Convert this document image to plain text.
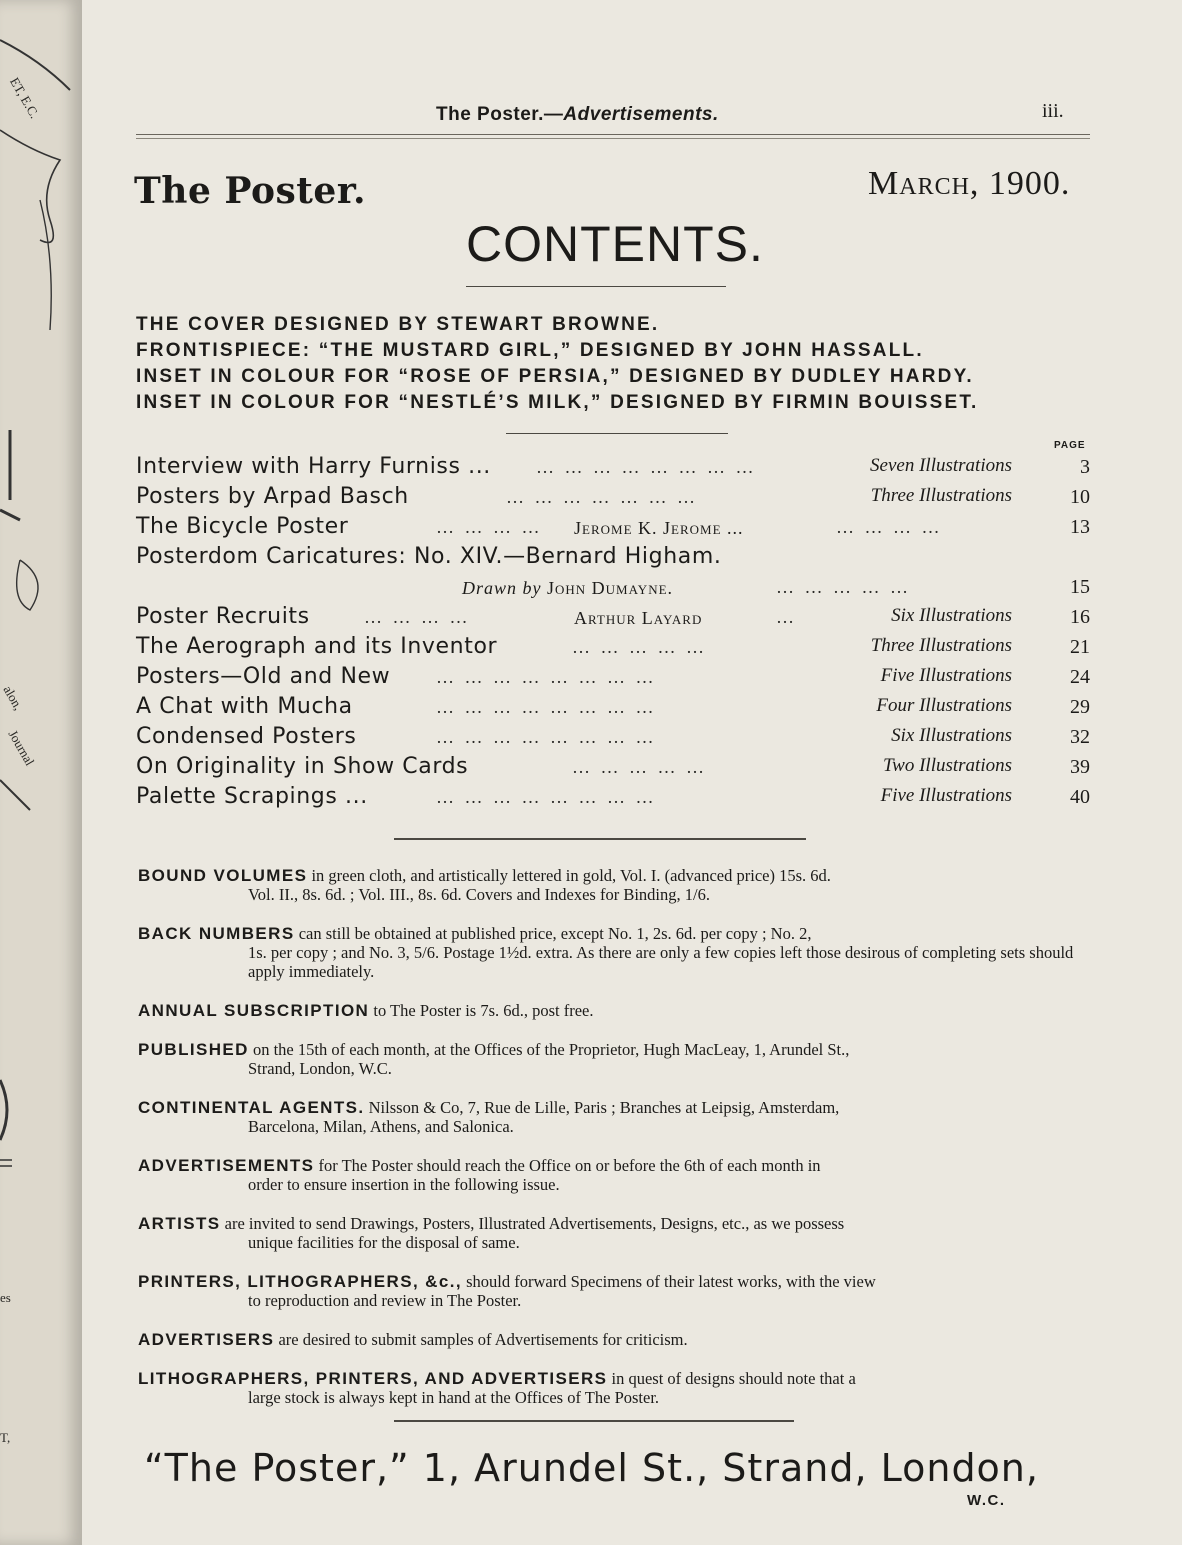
ET, E.C.
alon,
Journal
es
T,
The Poster.—Advertisements.	iii.
The Poster.	March, 1900.
CONTENTS.
THE COVER DESIGNED BY STEWART BROWNE.
FRONTISPIECE: “THE MUSTARD GIRL,” DESIGNED BY JOHN HASSALL.
INSET IN COLOUR FOR “ROSE OF PERSIA,” DESIGNED BY DUDLEY HARDY.
INSET IN COLOUR FOR “NESTLÉ’S MILK,” DESIGNED BY FIRMIN BOUISSET.
PAGE
Interview with Harry Furniss ...	… … … … … … … …	Seven Illustrations	3
Posters by Arpad Basch	… … … … … … …	Three Illustrations	10
The Bicycle Poster	… … … …	Jerome K. Jerome ...	… … … …	13
Posterdom Caricatures: No. XIV.—Bernard Higham.
Drawn by John Dumayne.	… … … … …	15
Poster Recruits	… … … …	Arthur Layard	…	Six Illustrations	16
The Aerograph and its Inventor	… … … … …	Three Illustrations	21
Posters—Old and New	… … … … … … … …	Five Illustrations	24
A Chat with Mucha	… … … … … … … …	Four Illustrations	29
Condensed Posters	… … … … … … … …	Six Illustrations	32
On Originality in Show Cards	… … … … …	Two Illustrations	39
Palette Scrapings ...	… … … … … … … …	Five Illustrations	40
BOUND VOLUMES in green cloth, and artistically lettered in gold, Vol. I. (advanced price) 15s. 6d.
Vol. II., 8s. 6d. ; Vol. III., 8s. 6d. Covers and Indexes for Binding, 1/6.
BACK NUMBERS can still be obtained at published price, except No. 1, 2s. 6d. per copy ; No. 2,
1s. per copy ; and No. 3, 5/6. Postage 1½d. extra. As there are only a few copies left those desirous of completing sets should apply immediately.
ANNUAL SUBSCRIPTION to The Poster is 7s. 6d., post free.
PUBLISHED on the 15th of each month, at the Offices of the Proprietor, Hugh MacLeay, 1, Arundel St.,
Strand, London, W.C.
CONTINENTAL AGENTS. Nilsson & Co, 7, Rue de Lille, Paris ; Branches at Leipsig, Amsterdam,
Barcelona, Milan, Athens, and Salonica.
ADVERTISEMENTS for The Poster should reach the Office on or before the 6th of each month in
order to ensure insertion in the following issue.
ARTISTS are invited to send Drawings, Posters, Illustrated Advertisements, Designs, etc., as we possess
unique facilities for the disposal of same.
PRINTERS, LITHOGRAPHERS, &c., should forward Specimens of their latest works, with the view
to reproduction and review in The Poster.
ADVERTISERS are desired to submit samples of Advertisements for criticism.
LITHOGRAPHERS, PRINTERS, AND ADVERTISERS in quest of designs should note that a
large stock is always kept in hand at the Offices of The Poster.
“The Poster,” 1, Arundel St., Strand, London,
W.C.
